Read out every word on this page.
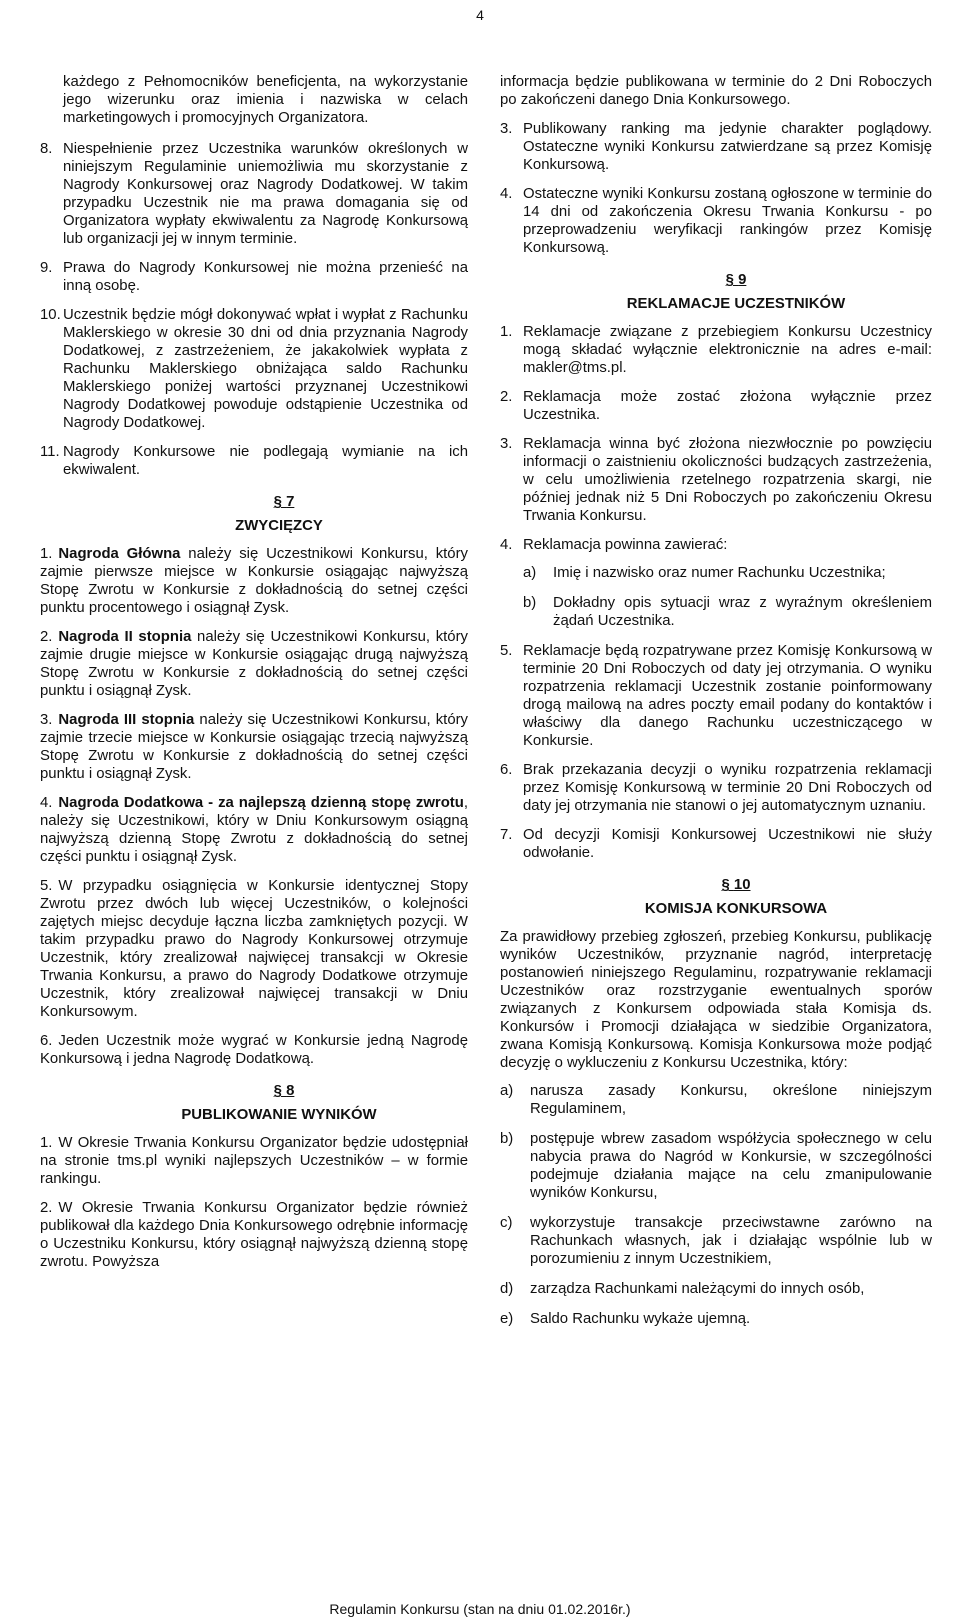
4

każdego z Pełnomocników beneficjenta, na wykorzystanie jego wizerunku oraz imienia i nazwiska w celach marketingowych i promocyjnych Organizatora.

8. Niespełnienie przez Uczestnika warunków określonych w niniejszym Regulaminie uniemożliwia mu skorzystanie z Nagrody Konkursowej oraz Nagrody Dodatkowej. W takim przypadku Uczestnik nie ma prawa domagania się od Organizatora wypłaty ekwiwalentu za Nagrodę Konkursową lub organizacji jej w innym terminie.
9. Prawa do Nagrody Konkursowej nie można przenieść na inną osobę.
10. Uczestnik będzie mógł dokonywać wpłat i wypłat z Rachunku Maklerskiego w okresie 30 dni od dnia przyznania Nagrody Dodatkowej, z zastrzeżeniem, że jakakolwiek wypłata z Rachunku Maklerskiego obniżająca saldo Rachunku Maklerskiego poniżej wartości przyznanej Uczestnikowi Nagrody Dodatkowej powoduje odstąpienie Uczestnika od Nagrody Dodatkowej.
11. Nagrody Konkursowe nie podlegają wymianie na ich ekwiwalent.
§ 7
ZWYCIĘZCY
1. Nagroda Główna należy się Uczestnikowi Konkursu, który zajmie pierwsze miejsce w Konkursie osiągając najwyższą Stopę Zwrotu w Konkursie z dokładnością do setnej części punktu procentowego i osiągnął Zysk.
2. Nagroda II stopnia należy się Uczestnikowi Konkursu, który zajmie drugie miejsce w Konkursie osiągając drugą najwyższą Stopę Zwrotu w Konkursie z dokładnością do setnej części punktu i osiągnął Zysk.
3. Nagroda III stopnia należy się Uczestnikowi Konkursu, który zajmie trzecie miejsce w Konkursie osiągając trzecią najwyższą Stopę Zwrotu w Konkursie z dokładnością do setnej części punktu i osiągnął Zysk.
4. Nagroda Dodatkowa - za najlepszą dzienną stopę zwrotu, należy się Uczestnikowi, który w Dniu Konkursowym osiągną najwyższą dzienną Stopę Zwrotu z dokładnością do setnej części punktu i osiągnął Zysk.
5. W przypadku osiągnięcia w Konkursie identycznej Stopy Zwrotu przez dwóch lub więcej Uczestników, o kolejności zajętych miejsc decyduje łączna liczba zamkniętych pozycji. W takim przypadku prawo do Nagrody Konkursowej otrzymuje Uczestnik, który zrealizował najwięcej transakcji w Okresie Trwania Konkursu, a prawo do Nagrody Dodatkowe otrzymuje Uczestnik, który zrealizował najwięcej transakcji w Dniu Konkursowym.
6. Jeden Uczestnik może wygrać w Konkursie jedną Nagrodę Konkursową i jedna Nagrodę Dodatkową.
§ 8
PUBLIKOWANIE WYNIKÓW
1. W Okresie Trwania Konkursu Organizator będzie udostępniał na stronie tms.pl wyniki najlepszych Uczestników – w formie rankingu.
2. W Okresie Trwania Konkursu Organizator będzie również publikował dla każdego Dnia Konkursowego odrębnie informację o Uczestniku Konkursu, który osiągnął najwyższą dzienną stopę zwrotu. Powyższa

informacja będzie publikowana w terminie do 2 Dni Roboczych po zakończeni danego Dnia Konkursowego.

3. Publikowany ranking ma jedynie charakter poglądowy. Ostateczne wyniki Konkursu zatwierdzane są przez Komisję Konkursową.
4. Ostateczne wyniki Konkursu zostaną ogłoszone w terminie do 14 dni od zakończenia Okresu Trwania Konkursu - po przeprowadzeniu weryfikacji rankingów przez Komisję Konkursową.
§ 9
REKLAMACJE UCZESTNIKÓW
1. Reklamacje związane z przebiegiem Konkursu Uczestnicy mogą składać wyłącznie elektronicznie na adres e-mail: makler@tms.pl.
2. Reklamacja może zostać złożona wyłącznie przez Uczestnika.
3. Reklamacja winna być złożona niezwłocznie po powzięciu informacji o zaistnieniu okoliczności budzących zastrzeżenia, w celu umożliwienia rzetelnego rozpatrzenia skargi, nie później jednak niż 5 Dni Roboczych po zakończeniu Okresu Trwania Konkursu.
4. Reklamacja powinna zawierać:
a) Imię i nazwisko oraz numer Rachunku Uczestnika;
b) Dokładny opis sytuacji wraz z wyraźnym określeniem żądań Uczestnika.
5. Reklamacje będą rozpatrywane przez Komisję Konkursową w terminie 20 Dni Roboczych od daty jej otrzymania. O wyniku rozpatrzenia reklamacji Uczestnik zostanie poinformowany drogą mailową na adres poczty email podany do kontaktów i właściwy dla danego Rachunku uczestniczącego w Konkursie.
6. Brak przekazania decyzji o wyniku rozpatrzenia reklamacji przez Komisję Konkursową w terminie 20 Dni Roboczych od daty jej otrzymania nie stanowi o jej automatycznym uznaniu.
7. Od decyzji Komisji Konkursowej Uczestnikowi nie służy odwołanie.
§ 10
KOMISJA KONKURSOWA

Za prawidłowy przebieg zgłoszeń, przebieg Konkursu, publikację wyników Uczestników, przyznanie nagród, interpretację postanowień niniejszego Regulaminu, rozpatrywanie reklamacji Uczestników oraz rozstrzyganie ewentualnych sporów związanych z Konkursem odpowiada stała Komisja ds. Konkursów i Promocji działająca w siedzibie Organizatora, zwana Komisją Konkursową. Komisja Konkursowa może podjąć decyzję o wykluczeniu z Konkursu Uczestnika, który:

a) narusza zasady Konkursu, określone niniejszym Regulaminem,
b) postępuje wbrew zasadom współżycia społecznego w celu nabycia prawa do Nagród w Konkursie, w szczególności podejmuje działania mające na celu zmanipulowanie wyników Konkursu,
c) wykorzystuje transakcje przeciwstawne zarówno na Rachunkach własnych, jak i działając wspólnie lub w porozumieniu z innym Uczestnikiem,
d) zarządza Rachunkami należącymi do innych osób,
e) Saldo Rachunku wykaże ujemną.
Regulamin Konkursu (stan na dniu 01.02.2016r.)
